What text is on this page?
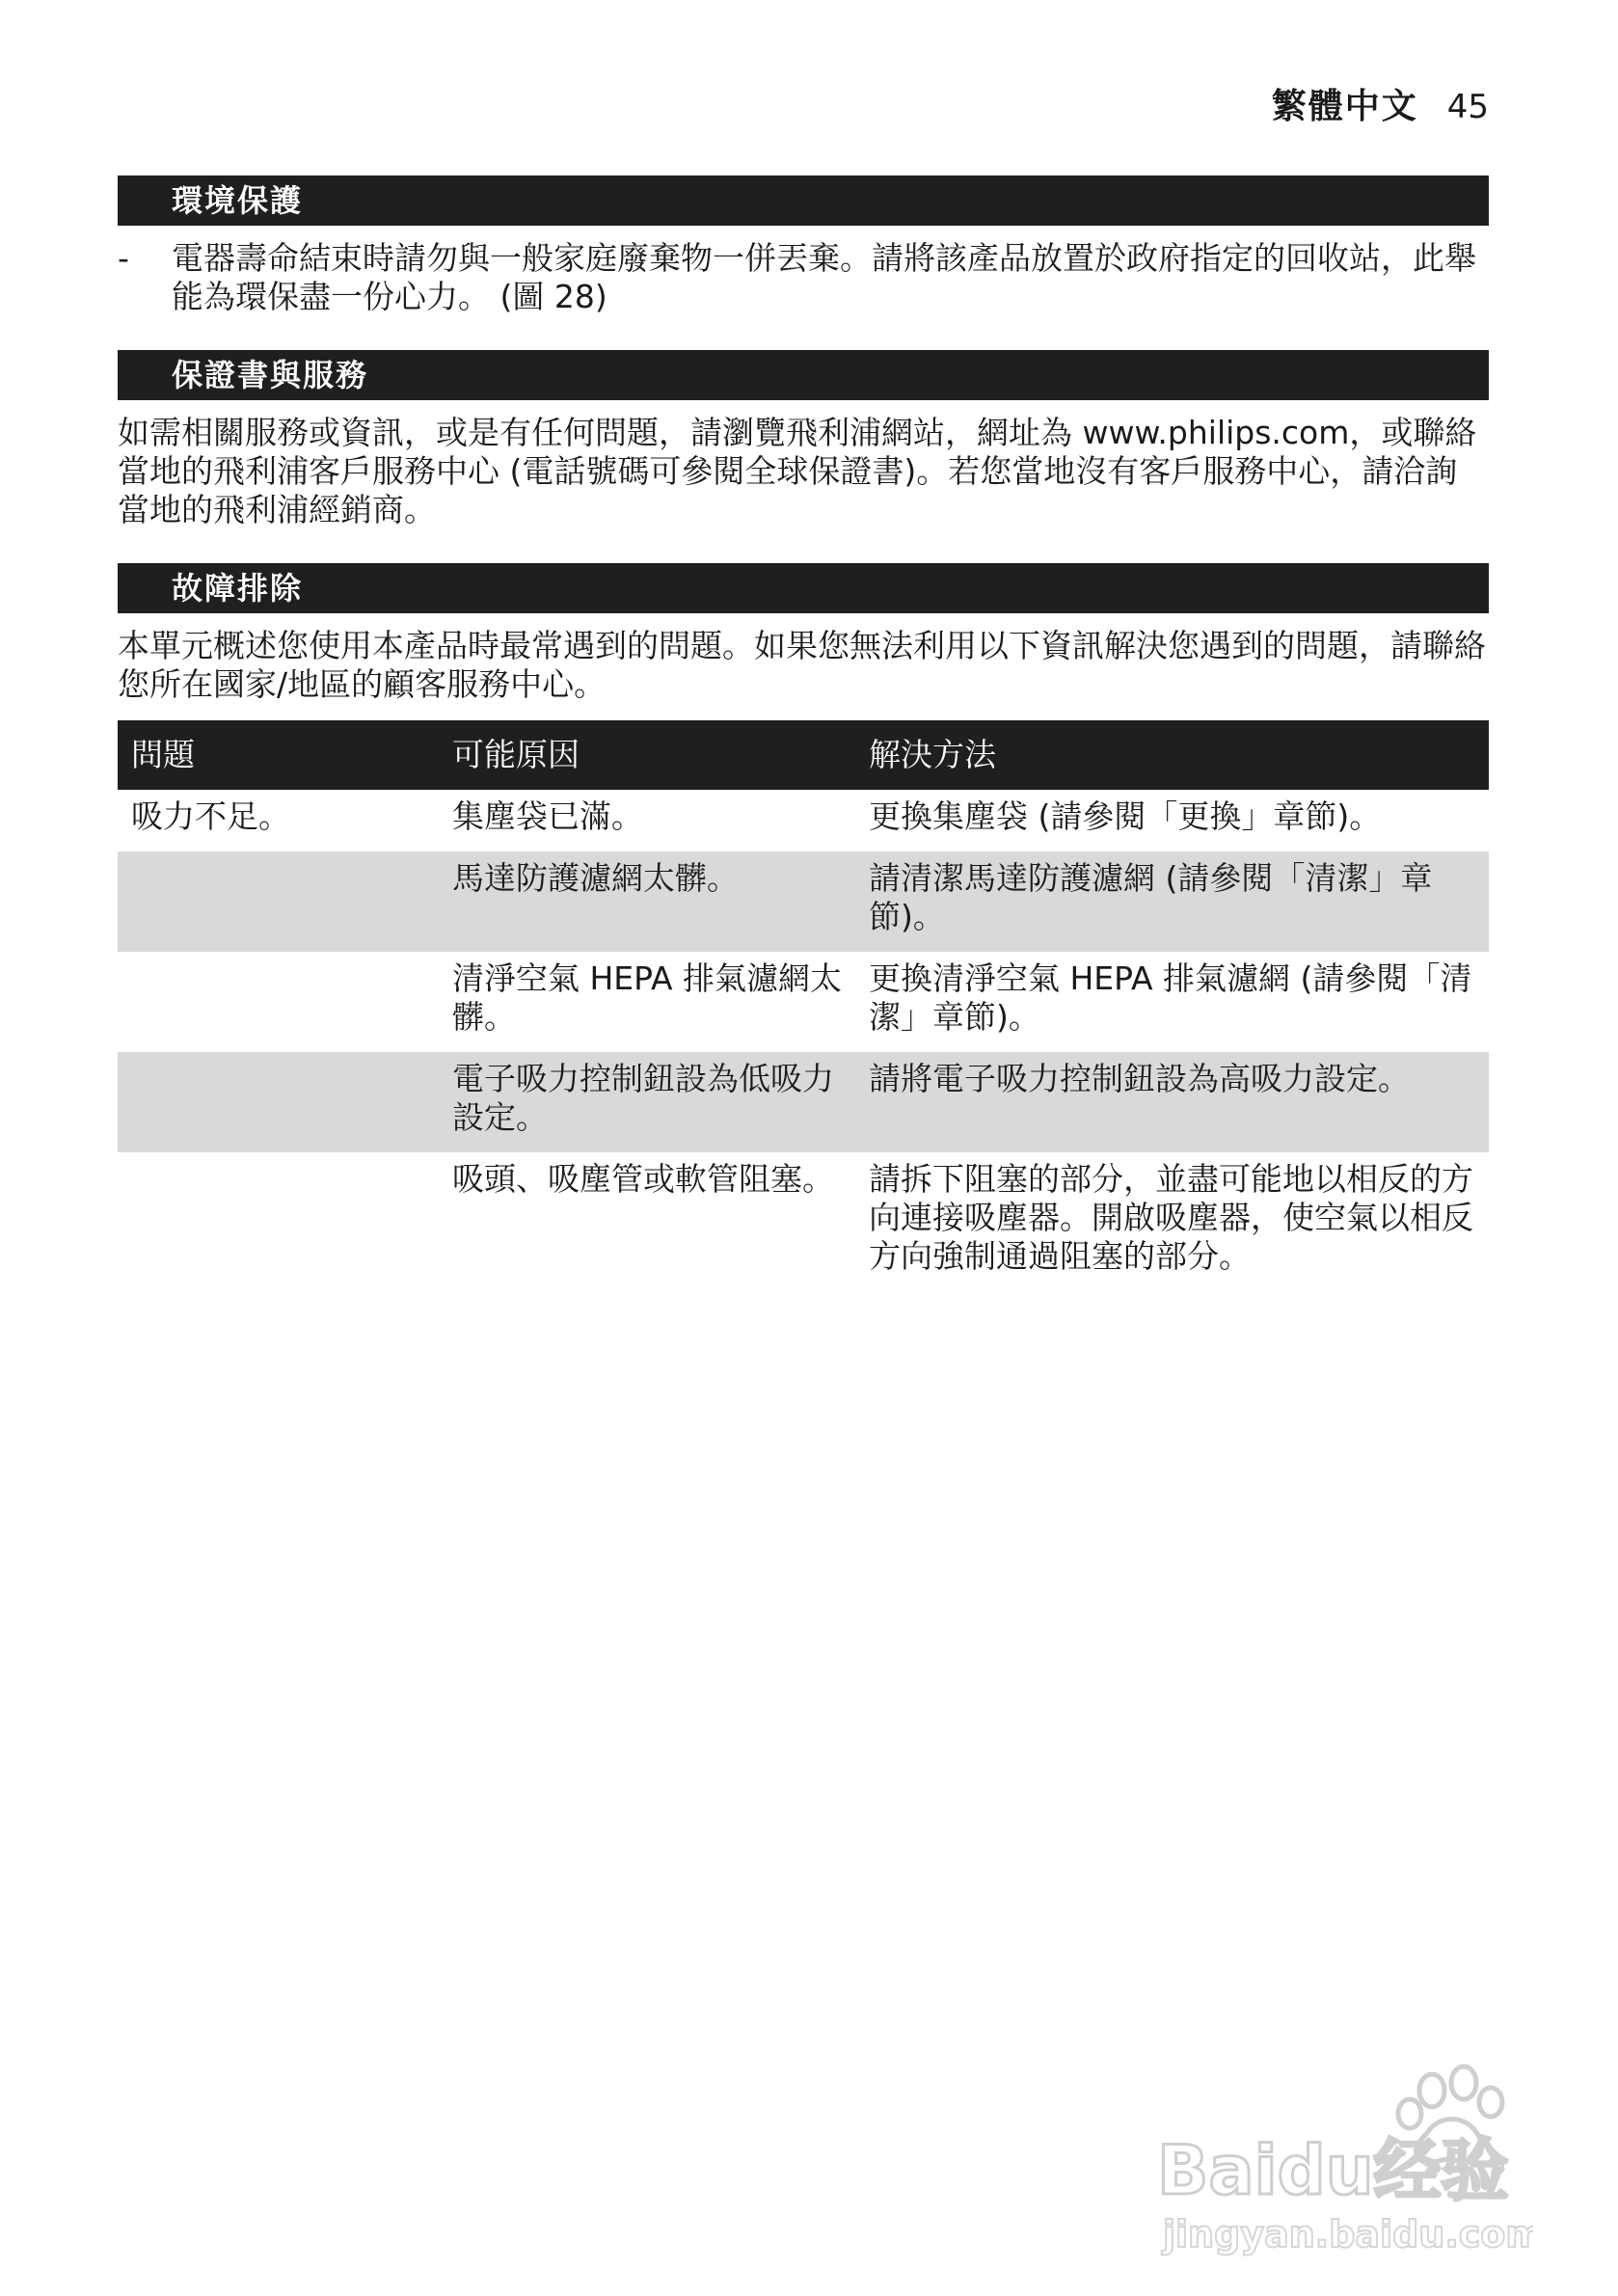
繁體中文 45
環境保護
-	電器壽命結束時請勿與一般家庭廢棄物一併丟棄。請將該產品放置於政府指定的回收站，此舉能為環保盡一份心力。 (圖 28)
保證書與服務
如需相關服務或資訊，或是有任何問題，請瀏覽飛利浦網站，網址為 www.philips.com，或聯絡當地的飛利浦客戶服務中心 (電話號碼可參閱全球保證書)。若您當地沒有客戶服務中心，請洽詢當地的飛利浦經銷商。
故障排除
本單元概述您使用本產品時最常遇到的問題。如果您無法利用以下資訊解決您遇到的問題，請聯絡您所在國家/地區的顧客服務中心。
問題	可能原因	解決方法
吸力不足。	集塵袋已滿。	更換集塵袋 (請參閱「更換」章節)。
	馬達防護濾網太髒。	請清潔馬達防護濾網 (請參閱「清潔」章節)。
	清淨空氣 HEPA 排氣濾網太髒。	更換清淨空氣 HEPA 排氣濾網 (請參閱「清潔」章節)。
	電子吸力控制鈕設為低吸力設定。	請將電子吸力控制鈕設為高吸力設定。
	吸頭、吸塵管或軟管阻塞。	請拆下阻塞的部分，並盡可能地以相反的方向連接吸塵器。開啟吸塵器，使空氣以相反方向強制通過阻塞的部分。
Baidu经验
jingyan.baidu.com
